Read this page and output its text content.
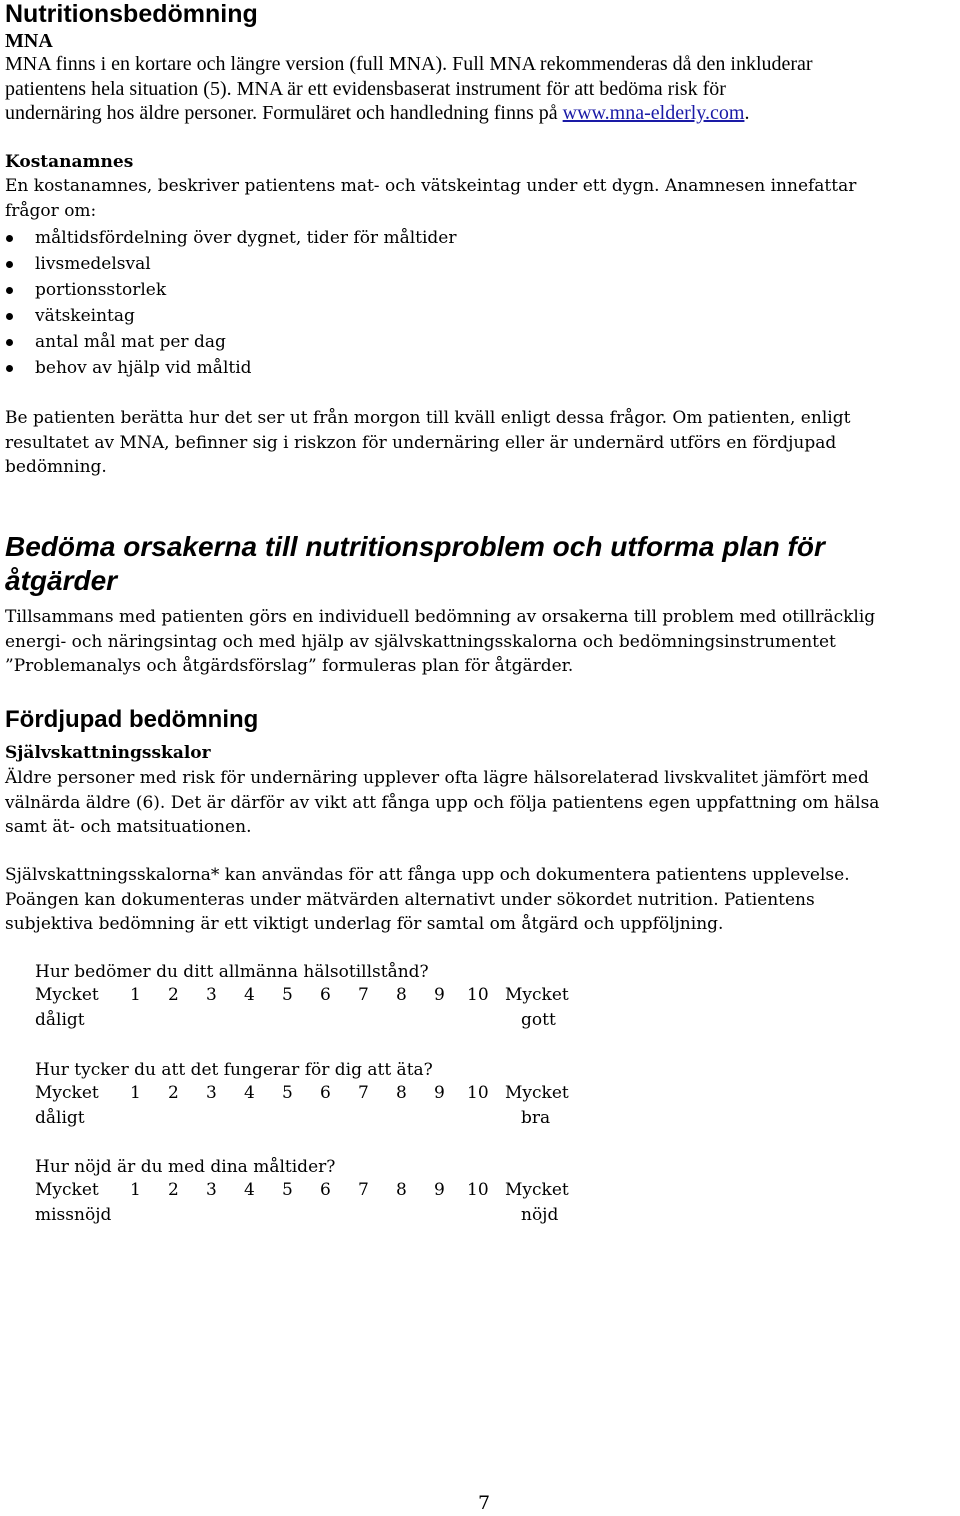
Nutritionsbedömning
MNA
MNA finns i en kortare och längre version (full MNA). Full MNA rekommenderas då den inkluderar
patientens hela situation (5). MNA är ett evidensbaserat instrument för att bedöma risk för
undernäring hos äldre personer. Formuläret och handledning finns på www.mna-elderly.com.
Kostanamnes
En kostanamnes, beskriver patientens mat- och vätskeintag under ett dygn. Anamnesen innefattar
frågor om:
måltidsfördelning över dygnet, tider för måltider
livsmedelsval
portionsstorlek
vätskeintag
antal mål mat per dag
behov av hjälp vid måltid
Be patienten berätta hur det ser ut från morgon till kväll enligt dessa frågor. Om patienten, enligt
resultatet av MNA, befinner sig i riskzon för undernäring eller är undernärd utförs en fördjupad
bedömning.
Bedöma orsakerna till nutritionsproblem och utforma plan för
åtgärder
Tillsammans med patienten görs en individuell bedömning av orsakerna till problem med otillräcklig
energi- och näringsintag och med hjälp av självskattningsskalorna och bedömningsinstrumentet
”Problemanalys och åtgärdsförslag” formuleras plan för åtgärder.
Fördjupad bedömning
Självskattningsskalor
Äldre personer med risk för undernäring upplever ofta lägre hälsorelaterad livskvalitet jämfört med
välnärda äldre (6). Det är därför av vikt att fånga upp och följa patientens egen uppfattning om hälsa
samt ät- och matsituationen.
Självskattningsskalorna* kan användas för att fånga upp och dokumentera patientens upplevelse.
Poängen kan dokumenteras under mätvärden alternativt under sökordet nutrition. Patientens
subjektiva bedömning är ett viktigt underlag för samtal om åtgärd och uppföljning.
Hur bedömer du ditt allmänna hälsotillstånd?
Mycket 1 2 3 4 5 6 7 8 9 10 Mycket
dåligt	gott
Hur tycker du att det fungerar för dig att äta?
Mycket 1 2 3 4 5 6 7 8 9 10 Mycket
dåligt	bra
Hur nöjd är du med dina måltider?
Mycket 1 2 3 4 5 6 7 8 9 10 Mycket
missnöjd	nöjd
7
